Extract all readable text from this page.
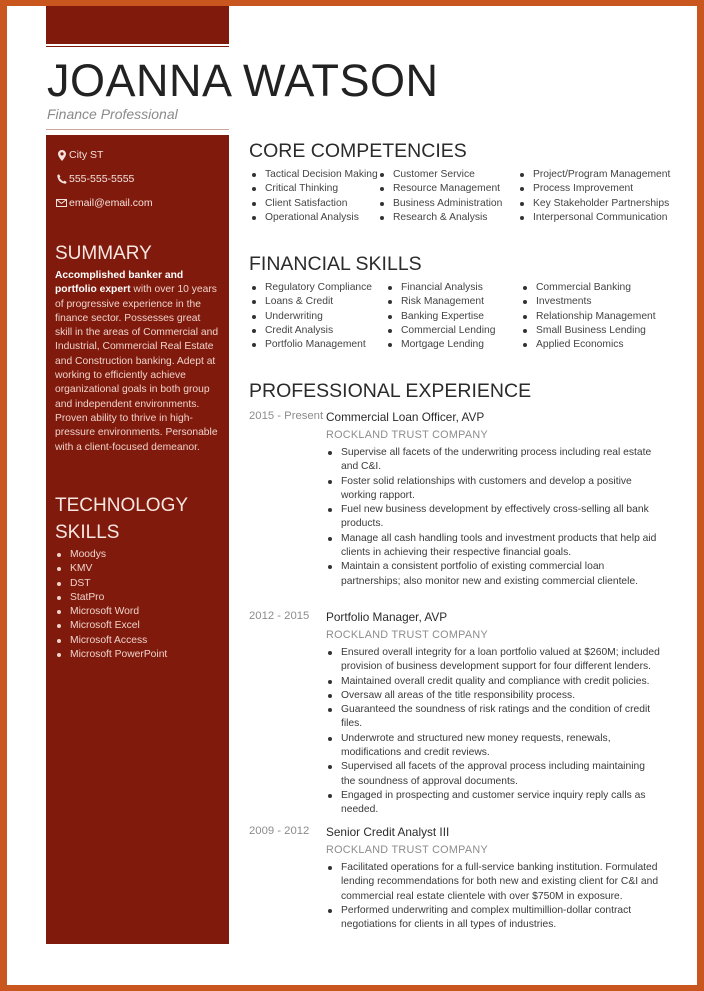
JOANNA WATSON
Finance Professional
City ST
555-555-5555
email@email.com
SUMMARY
Accomplished banker and portfolio expert with over 10 years of progressive experience in the finance sector. Possesses great skill in the areas of Commercial and Industrial, Commercial Real Estate and Construction banking. Adept at working to efficiently achieve organizational goals in both group and independent environments. Proven ability to thrive in high-pressure environments. Personable with a client-focused demeanor.
TECHNOLOGY SKILLS
Moodys
KMV
DST
StatPro
Microsoft Word
Microsoft Excel
Microsoft Access
Microsoft PowerPoint
CORE COMPETENCIES
Tactical Decision Making
Critical Thinking
Client Satisfaction
Operational Analysis
Customer Service
Resource Management
Business Administration
Research & Analysis
Project/Program Management
Process Improvement
Key Stakeholder Partnerships
Interpersonal Communication
FINANCIAL SKILLS
Regulatory Compliance
Loans & Credit
Underwriting
Credit Analysis
Portfolio Management
Financial Analysis
Risk Management
Banking Expertise
Commercial Lending
Mortgage Lending
Commercial Banking
Investments
Relationship Management
Small Business Lending
Applied Economics
PROFESSIONAL EXPERIENCE
2015 - Present Commercial Loan Officer, AVP
ROCKLAND TRUST COMPANY
Supervise all facets of the underwriting process including real estate and C&I.
Foster solid relationships with customers and develop a positive working rapport.
Fuel new business development by effectively cross-selling all bank products.
Manage all cash handling tools and investment products that help aid clients in achieving their respective financial goals.
Maintain a consistent portfolio of existing commercial loan partnerships; also monitor new and existing commercial clientele.
2012 - 2015 Portfolio Manager, AVP
ROCKLAND TRUST COMPANY
Ensured overall integrity for a loan portfolio valued at $260M; included provision of business development support for four different lenders.
Maintained overall credit quality and compliance with credit policies.
Oversaw all areas of the title responsibility process.
Guaranteed the soundness of risk ratings and the condition of credit files.
Underwrote and structured new money requests, renewals, modifications and credit reviews.
Supervised all facets of the approval process including maintaining the soundness of approval documents.
Engaged in prospecting and customer service inquiry reply calls as needed.
2009 - 2012 Senior Credit Analyst III
ROCKLAND TRUST COMPANY
Facilitated operations for a full-service banking institution. Formulated lending recommendations for both new and existing client for C&I and commercial real estate clientele with over $750M in exposure.
Performed underwriting and complex multimillion-dollar contract negotiations for clients in all types of industries.
